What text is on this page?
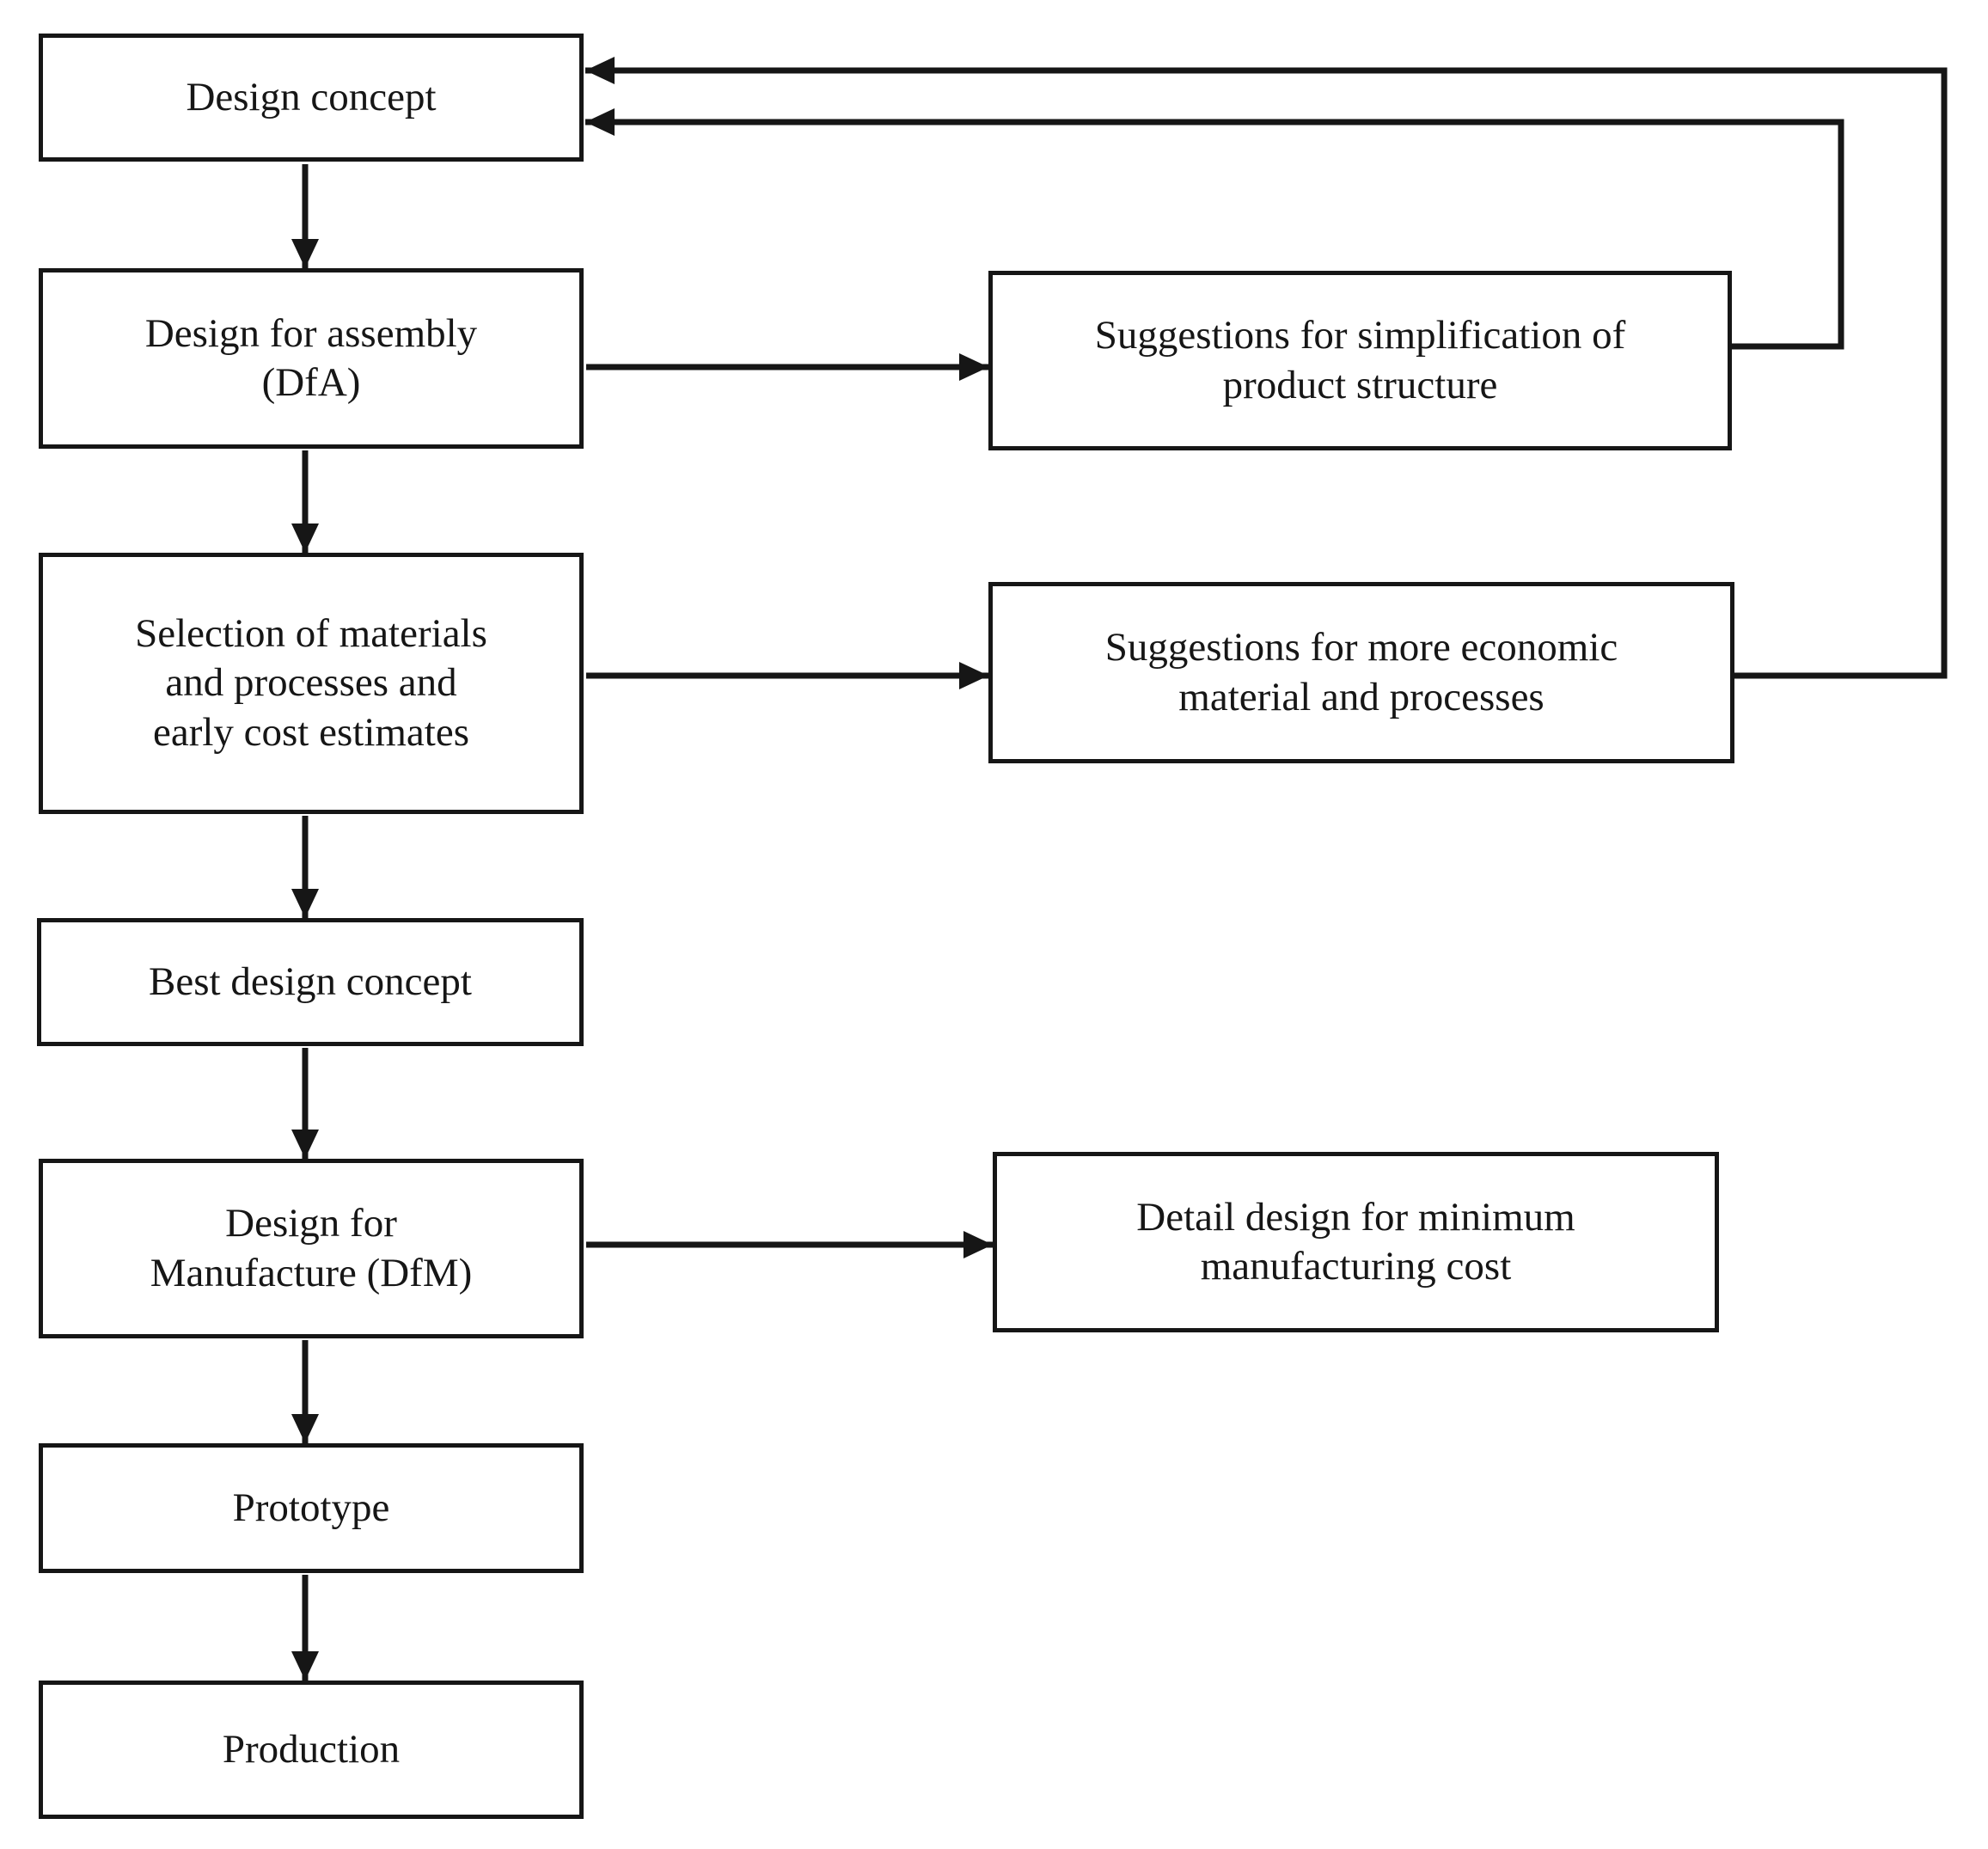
Design concept
Design for assembly
(DfA)
Selection of materials
and processes and
early cost estimates
Best design concept
Design for
Manufacture (DfM)
Prototype
Production
Suggestions for simplification of
product structure
Suggestions for more economic
material and processes
Detail design for minimum
manufacturing cost
